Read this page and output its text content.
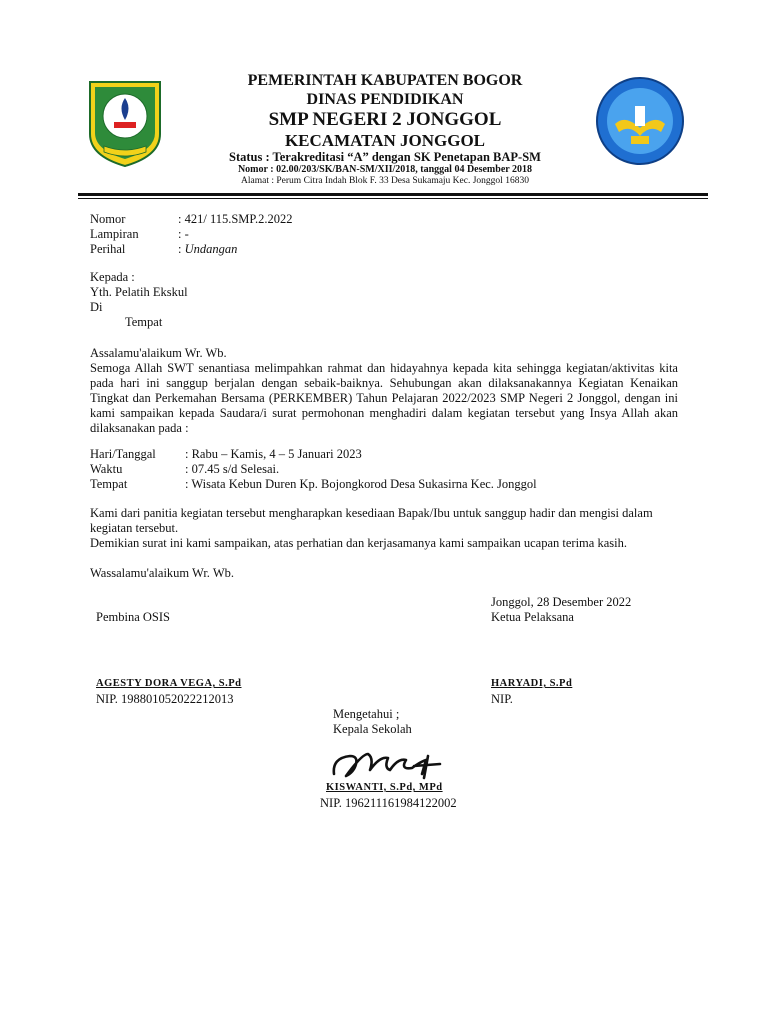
PEMERINTAH KABUPATEN BOGOR
DINAS PENDIDIKAN
SMP NEGERI 2 JONGGOL
KECAMATAN JONGGOL
Status : Terakreditasi “A” dengan SK Penetapan BAP-SM
Nomor : 02.00/203/SK/BAN-SM/XII/2018, tanggal 04 Desember 2018
Alamat : Perum Citra Indah Blok F. 33 Desa Sukamaju Kec. Jonggol 16830
Nomor	: 421/ 115.SMP.2.2022
Lampiran	: -
Perihal	: Undangan
Kepada :
Yth. Pelatih Ekskul
Di
Tempat
Assalamu'alaikum Wr. Wb.
Semoga Allah SWT senantiasa melimpahkan rahmat dan hidayahnya kepada kita sehingga kegiatan/aktivitas kita pada hari ini sanggup berjalan dengan sebaik-baiknya. Sehubungan akan dilaksanakannya Kegiatan Kenaikan Tingkat dan Perkemahan Bersama (PERKEMBER) Tahun Pelajaran 2022/2023 SMP Negeri 2 Jonggol, dengan ini kami sampaikan kepada Saudara/i surat permohonan menghadiri dalam kegiatan tersebut yang Insya Allah akan dilaksanakan pada :
Hari/Tanggal : Rabu – Kamis, 4 – 5 Januari 2023
Waktu	: 07.45 s/d Selesai.
Tempat	: Wisata Kebun Duren Kp. Bojongkorod Desa Sukasirna Kec. Jonggol
Kami dari panitia kegiatan tersebut mengharapkan kesediaan Bapak/Ibu untuk sanggup hadir dan mengisi dalam kegiatan tersebut.
Demikian surat ini kami sampaikan, atas perhatian dan kerjasamanya kami sampaikan ucapan terima kasih.
Wassalamu'alaikum Wr. Wb.
Jonggol, 28 Desember 2022
Pembina OSIS	Ketua Pelaksana
AGESTY DORA VEGA, S.Pd
NIP. 198801052022212013
HARYADI, S.Pd
NIP.
Mengetahui ;
Kepala Sekolah
KISWANTI, S.Pd, MPd
NIP. 196211161984122002
